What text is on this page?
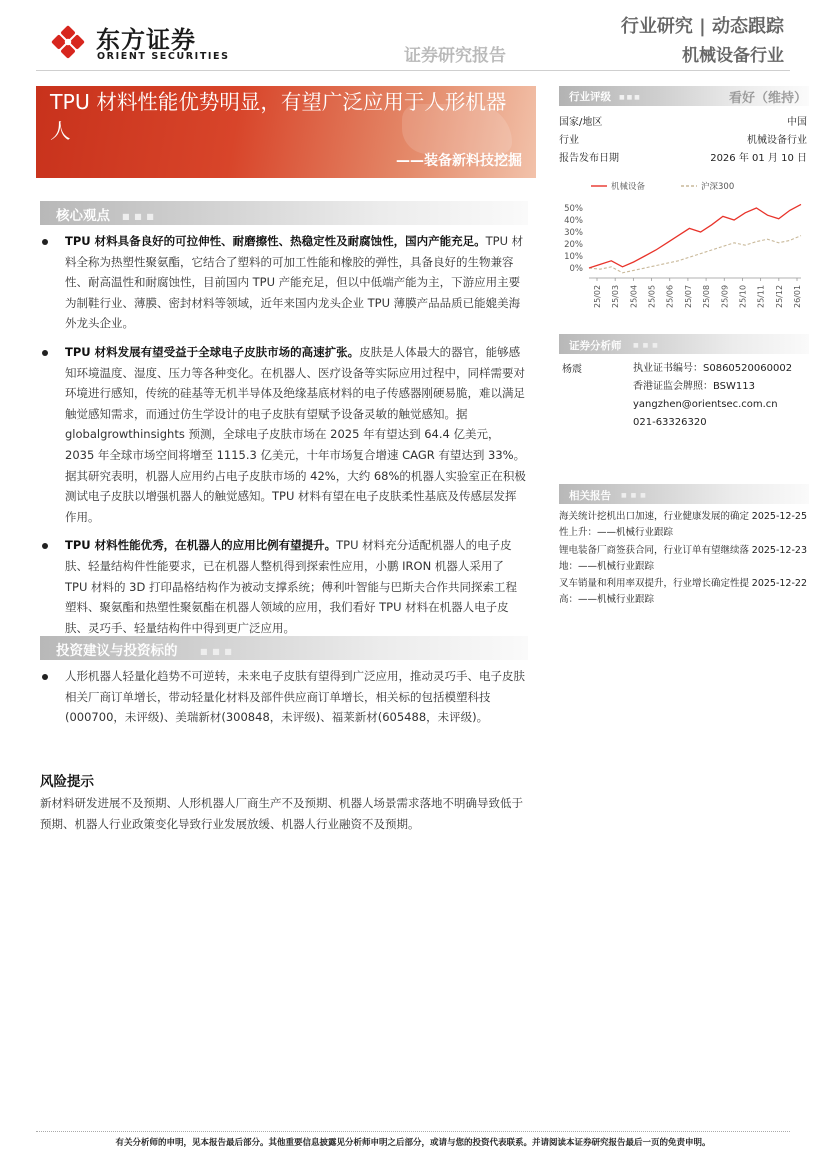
东方证券
ORIENT SECURITIES	证券研究报告
行业研究 | 动态跟踪
机械设备行业
TPU 材料性能优势明显，有望广泛应用于人形机器人
——装备新料技挖掘
核心观点 ■ ■ ■
TPU 材料具备良好的可拉伸性、耐磨擦性、热稳定性及耐腐蚀性，国内产能充足。TPU 材料全称为热塑性聚氨酯，它结合了塑料的可加工性能和橡胶的弹性，具备良好的生物兼容性、耐高温性和耐腐蚀性，目前国内 TPU 产能充足，但以中低端产能为主，下游应用主要为制鞋行业、薄膜、密封材料等领域，近年来国内龙头企业 TPU 薄膜产品品质已能媲美海外龙头企业。
TPU 材料发展有望受益于全球电子皮肤市场的高速扩张。皮肤是人体最大的器官，能够感知环境温度、湿度、压力等各种变化。在机器人、医疗设备等实际应用过程中，同样需要对环境进行感知，传统的硅基等无机半导体及绝缘基底材料的电子传感器刚硬易脆，难以满足触觉感知需求，而通过仿生学设计的电子皮肤有望赋予设备灵敏的触觉感知。据 globalgrowthinsights 预测，全球电子皮肤市场在 2025 年有望达到 64.4 亿美元，2035 年全球市场空间将增至 1115.3 亿美元，十年市场复合增速 CAGR 有望达到 33%。据其研究表明，机器人应用约占电子皮肤市场的 42%，大约 68%的机器人实验室正在积极测试电子皮肤以增强机器人的触觉感知。TPU 材料有望在电子皮肤柔性基底及传感层发挥作用。
TPU 材料性能优秀，在机器人的应用比例有望提升。TPU 材料充分适配机器人的电子皮肤、轻量结构件性能要求，已在机器人整机得到探索性应用，小鹏 IRON 机器人采用了 TPU 材料的 3D 打印晶格结构作为被动支撑系统；傅利叶智能与巴斯夫合作共同探索工程塑料、聚氨酯和热塑性聚氨酯在机器人领域的应用，我们看好 TPU 材料在机器人电子皮肤、灵巧手、轻量结构件中得到更广泛应用。
投资建议与投资标的	■ ■ ■
人形机器人轻量化趋势不可逆转，未来电子皮肤有望得到广泛应用，推动灵巧手、电子皮肤相关厂商订单增长，带动轻量化材料及部件供应商订单增长，相关标的包括模塑科技(000700，未评级)、美瑞新材(300848，未评级)、福莱新材(605488，未评级)。
风险提示
新材料研发进展不及预期、人形机器人厂商生产不及预期、机器人场景需求落地不明确导致低于预期、机器人行业政策变化导致行业发展放缓、机器人行业融资不及预期。
行业评级 ■ ■ ■	看好（维持）
国家/地区	中国
行业	机械设备行业
报告发布日期	2026 年 01 月 10 日
机械设备	沪深300
50%
40%
30%
20%
10%
0%
25/02 25/03 25/04 25/05 25/06 25/07 25/08 25/09 25/10 25/11 25/12 26/01
证券分析师 ■ ■ ■
杨震	执业证书编号：S0860520060002
香港证监会牌照：BSW113
yangzhen@orientsec.com.cn
021-63326320
相关报告 ■ ■ ■
海关统计挖机出口加速，行业健康发展的确定性上升：——机械行业跟踪
2025-12-25
锂电装备厂商签获合同，行业订单有望继续落地：——机械行业跟踪
2025-12-23
叉车销量和利用率双提升，行业增长确定性提高：——机械行业跟踪
2025-12-22
有关分析师的申明，见本报告最后部分。其他重要信息披露见分析师申明之后部分，或请与您的投资代表联系。并请阅读本证券研究报告最后一页的免责申明。
